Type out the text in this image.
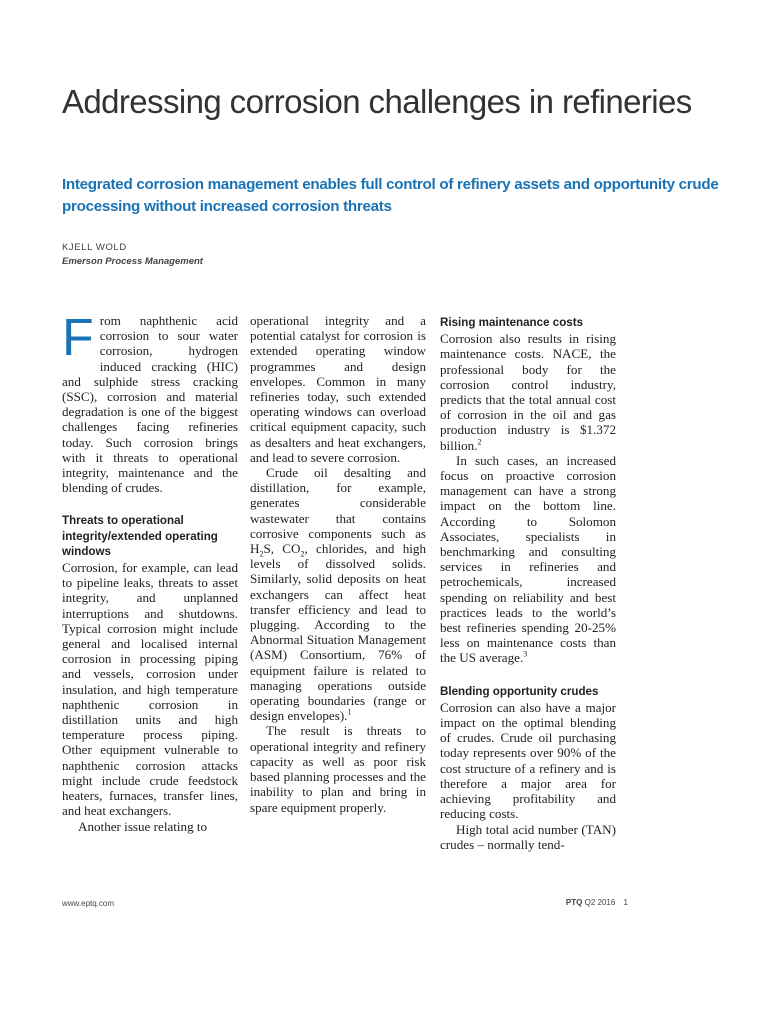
Addressing corrosion challenges in refineries
Integrated corrosion management enables full control of refinery assets and opportunity crude processing without increased corrosion threats
KJELL WOLD
Emerson Process Management

From naphthenic acid corrosion to sour water corrosion, hydrogen induced cracking (HIC) and sulphide stress cracking (SSC), corrosion and material degradation is one of the biggest challenges facing refineries today. Such corrosion brings with it threats to operational integrity, maintenance and the blending of crudes.

Threats to operational integrity/extended operating windows

Corrosion, for example, can lead to pipeline leaks, threats to asset integrity, and unplanned interruptions and shutdowns. Typical corrosion might include general and localised internal corrosion in processing piping and vessels, corrosion under insulation, and high temperature naphthenic corrosion in distillation units and high temperature process piping. Other equipment vulnerable to naphthenic corrosion attacks might include crude feedstock heaters, furnaces, transfer lines, and heat exchangers.

Another issue relating to

operational integrity and a potential catalyst for corrosion is extended operating window programmes and design envelopes. Common in many refineries today, such extended operating windows can overload critical equipment capacity, such as desalters and heat exchangers, and lead to severe corrosion.

Crude oil desalting and distillation, for example, generates considerable wastewater that contains corrosive components such as $H_2S$, $CO_2$, chlorides, and high levels of dissolved solids. Similarly, solid deposits on heat exchangers can affect heat transfer efficiency and lead to plugging. According to the Abnormal Situation Management (ASM) Consortium, 76% of equipment failure is related to managing operations outside operating boundaries (range or design envelopes).$^1$

The result is threats to operational integrity and refinery capacity as well as poor risk based planning processes and the inability to plan and bring in spare equipment properly.

Rising maintenance costs

Corrosion also results in rising maintenance costs. NACE, the professional body for the corrosion control industry, predicts that the total annual cost of corrosion in the oil and gas production industry is $1.372 billion.$^2$

In such cases, an increased focus on proactive corrosion management can have a strong impact on the bottom line. According to Solomon Associates, specialists in benchmarking and consulting services in refineries and petrochemicals, increased spending on reliability and best practices leads to the world’s best refineries spending 20-25% less on maintenance costs than the US average.$^3$

Blending opportunity crudes

Corrosion can also have a major impact on the optimal blending of crudes. Crude oil purchasing today represents over 90% of the cost structure of a refinery and is therefore a major area for achieving profitability and reducing costs.

High total acid number (TAN) crudes – normally tend-

www.eptq.com	PTQ Q2 2016 1
